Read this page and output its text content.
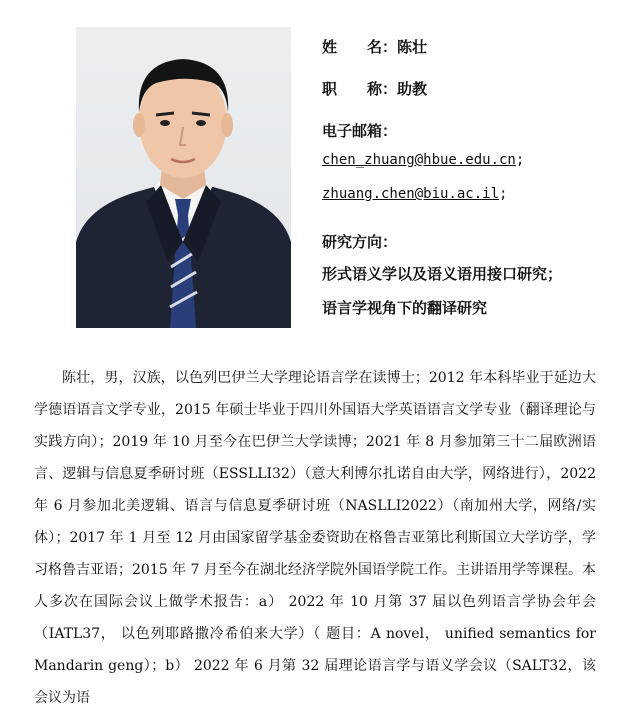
姓　　名：陈壮
职　　称：助教
电子邮箱：
chen_zhuang@hbue.edu.cn;
zhuang.chen@biu.ac.il;
研究方向：
形式语义学以及语义语用接口研究；
语言学视角下的翻译研究
陈壮，男，汉族，以色列巴伊兰大学理论语言学在读博士；2012 年本科毕业于延边大学德语语言文学专业，2015 年硕士毕业于四川外国语大学英语语言文学专业（翻译理论与实践方向）；2019 年 10 月至今在巴伊兰大学读博；2021 年 8 月参加第三十二届欧洲语言、逻辑与信息夏季研讨班（ESSLLI32）（意大利博尔扎诺自由大学，网络进行），2022 年 6 月参加北美逻辑、语言与信息夏季研讨班（NASLLI2022）（南加州大学，网络/实体）；2017 年 1 月至 12 月由国家留学基金委资助在格鲁吉亚第比利斯国立大学访学，学习格鲁吉亚语；2015 年 7 月至今在湖北经济学院外国语学院工作。主讲语用学等课程。本人多次在国际会议上做学术报告：a） 2022 年 10 月第 37 届以色列语言学协会年会（IATL37， 以色列耶路撒冷希伯来大学）（ 题目：A novel， unified semantics for Mandarin geng）；b） 2022 年 6 月第 32 届理论语言学与语义学会议（SALT32，该会议为语
